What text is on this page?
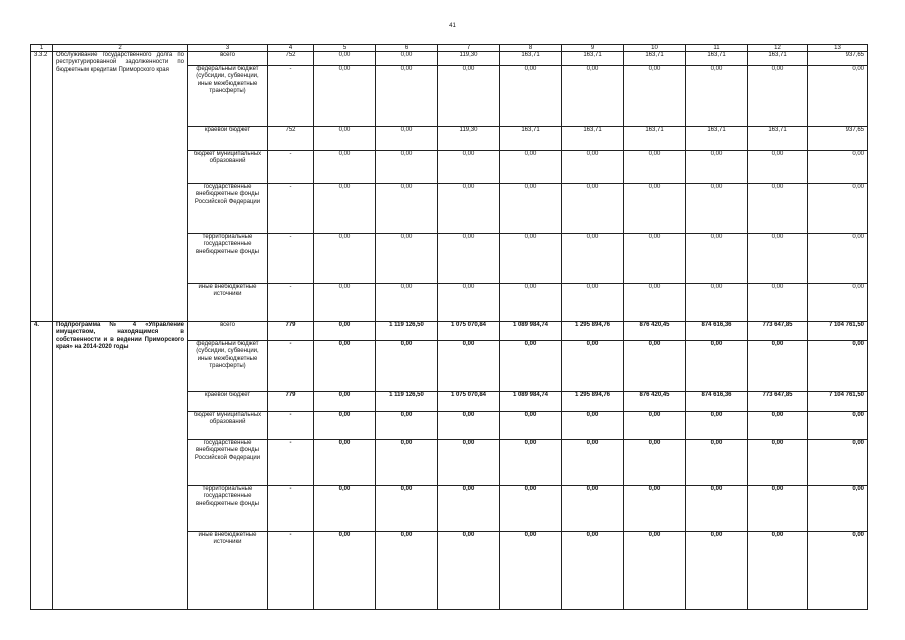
41
1	2	3	4	5	6	7	8	9	10	11	12	13
3.3.2	Обслуживание государственного долга по реструктурированной задолженности по бюджетным кредитам Приморского края	всего	752	0,00	0,00	119,30	163,71	163,71	163,71	163,71	163,71	937,65
		федеральный бюджет (субсидии, субвенции, иные межбюджетные трансферты)	-	0,00	0,00	0,00	0,00	0,00	0,00	0,00	0,00	0,00
		краевой бюджет	752	0,00	0,00	119,30	163,71	163,71	163,71	163,71	163,71	937,65
		бюджет муниципальных образований	-	0,00	0,00	0,00	0,00	0,00	0,00	0,00	0,00	0,00
		государственные внебюджетные фонды Российской Федерации	-	0,00	0,00	0,00	0,00	0,00	0,00	0,00	0,00	0,00
		территориальные государственные внебюджетные фонды	-	0,00	0,00	0,00	0,00	0,00	0,00	0,00	0,00	0,00
		иные внебюджетные источники	-	0,00	0,00	0,00	0,00	0,00	0,00	0,00	0,00	0,00
4.	Подпрограмма № 4 «Управление имуществом, находящимся в собственности и в ведении Приморского края» на 2014-2020 годы	всего	779	0,00	1 119 126,50	1 075 070,84	1 089 984,74	1 295 894,76	876 420,45	874 616,36	773 647,85	7 104 761,50
		федеральный бюджет (субсидии, субвенции, иные межбюджетные трансферты)	-	0,00	0,00	0,00	0,00	0,00	0,00	0,00	0,00	0,00
		краевой бюджет	779	0,00	1 119 126,50	1 075 070,84	1 089 984,74	1 295 894,76	876 420,45	874 616,36	773 647,85	7 104 761,50
		бюджет муниципальных образований	-	0,00	0,00	0,00	0,00	0,00	0,00	0,00	0,00	0,00
		государственные внебюджетные фонды Российской Федерации	-	0,00	0,00	0,00	0,00	0,00	0,00	0,00	0,00	0,00
		территориальные государственные внебюджетные фонды	-	0,00	0,00	0,00	0,00	0,00	0,00	0,00	0,00	0,00
		иные внебюджетные источники	-	0,00	0,00	0,00	0,00	0,00	0,00	0,00	0,00	0,00
